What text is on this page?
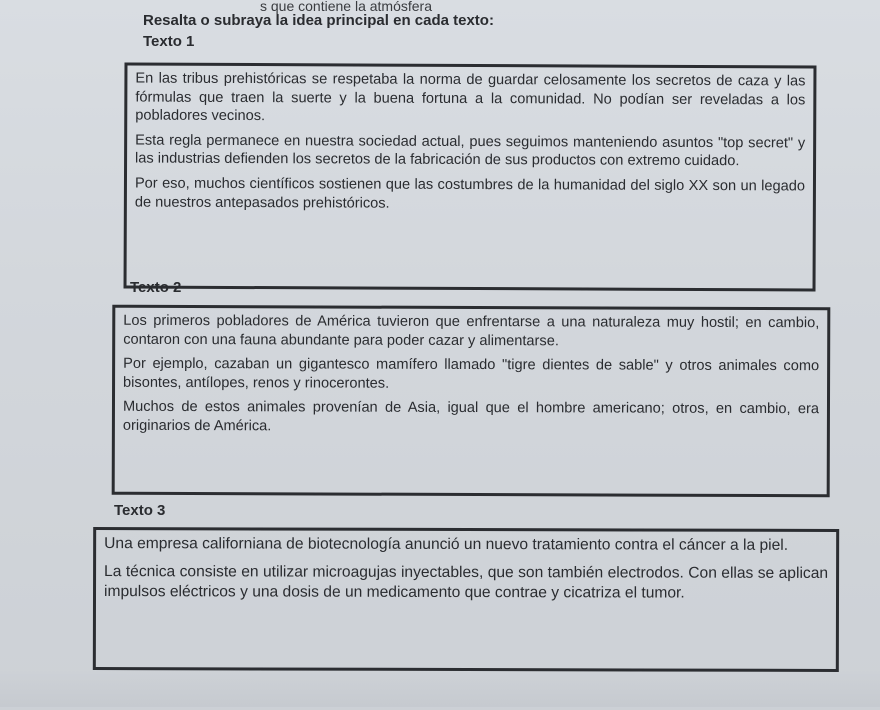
s que contiene la atmósfera
Resalta o subraya la idea principal en cada texto:
Texto 1

En las tribus prehistóricas se respetaba la norma de guardar celosamente los secretos de caza y las fórmulas que traen la suerte y la buena fortuna a la comunidad. No podían ser reveladas a los pobladores vecinos.

Esta regla permanece en nuestra sociedad actual, pues seguimos manteniendo asuntos "top secret" y las industrias defienden los secretos de la fabricación de sus productos con extremo cuidado.

Por eso, muchos científicos sostienen que las costumbres de la humanidad del siglo XX son un legado de nuestros antepasados prehistóricos.

Texto 2

Los primeros pobladores de América tuvieron que enfrentarse a una naturaleza muy hostil; en cambio, contaron con una fauna abundante para poder cazar y alimentarse.

Por ejemplo, cazaban un gigantesco mamífero llamado "tigre dientes de sable" y otros animales como bisontes, antílopes, renos y rinocerontes.

Muchos de estos animales provenían de Asia, igual que el hombre americano; otros, en cambio, era originarios de América.

Texto 3

Una empresa californiana de biotecnología anunció un nuevo tratamiento contra el cáncer a la piel.

La técnica consiste en utilizar microagujas inyectables, que son también electrodos. Con ellas se aplican impulsos eléctricos y una dosis de un medicamento que contrae y cicatriza el tumor.
